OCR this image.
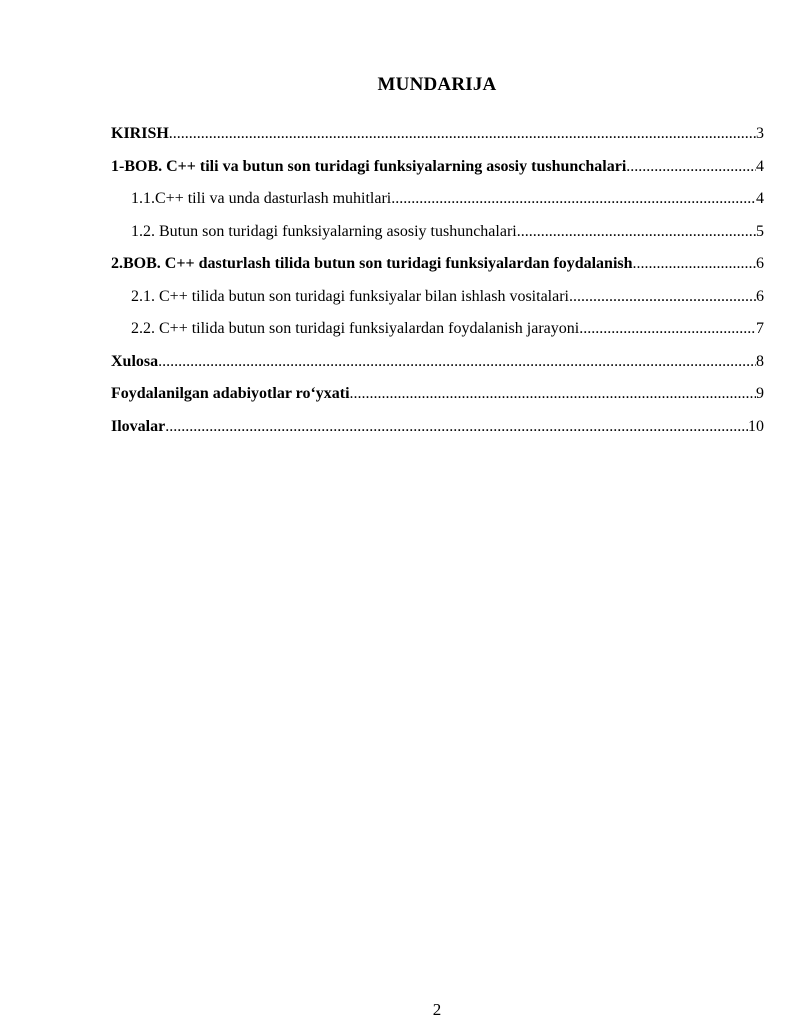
MUNDARIJA
KIRISH .....	3
1-BOB. C++ tili va butun son turidagi funksiyalarning asosiy tushunchalari .....	4
1.1.C++ tili va unda dasturlash muhitlari .....	4
1.2. Butun son turidagi funksiyalarning asosiy tushunchalari .....	5
2.BOB. C++ dasturlash tilida butun son turidagi funksiyalardan foydalanish .....	6
2.1. C++ tilida butun son turidagi funksiyalar bilan ishlash vositalari .....	6
2.2. C++ tilida butun son turidagi funksiyalardan foydalanish jarayoni .....	7
Xulosa .....	8
Foydalanilgan adabiyotlar ro‘yxati .....	9
Ilovalar .....	10
2
